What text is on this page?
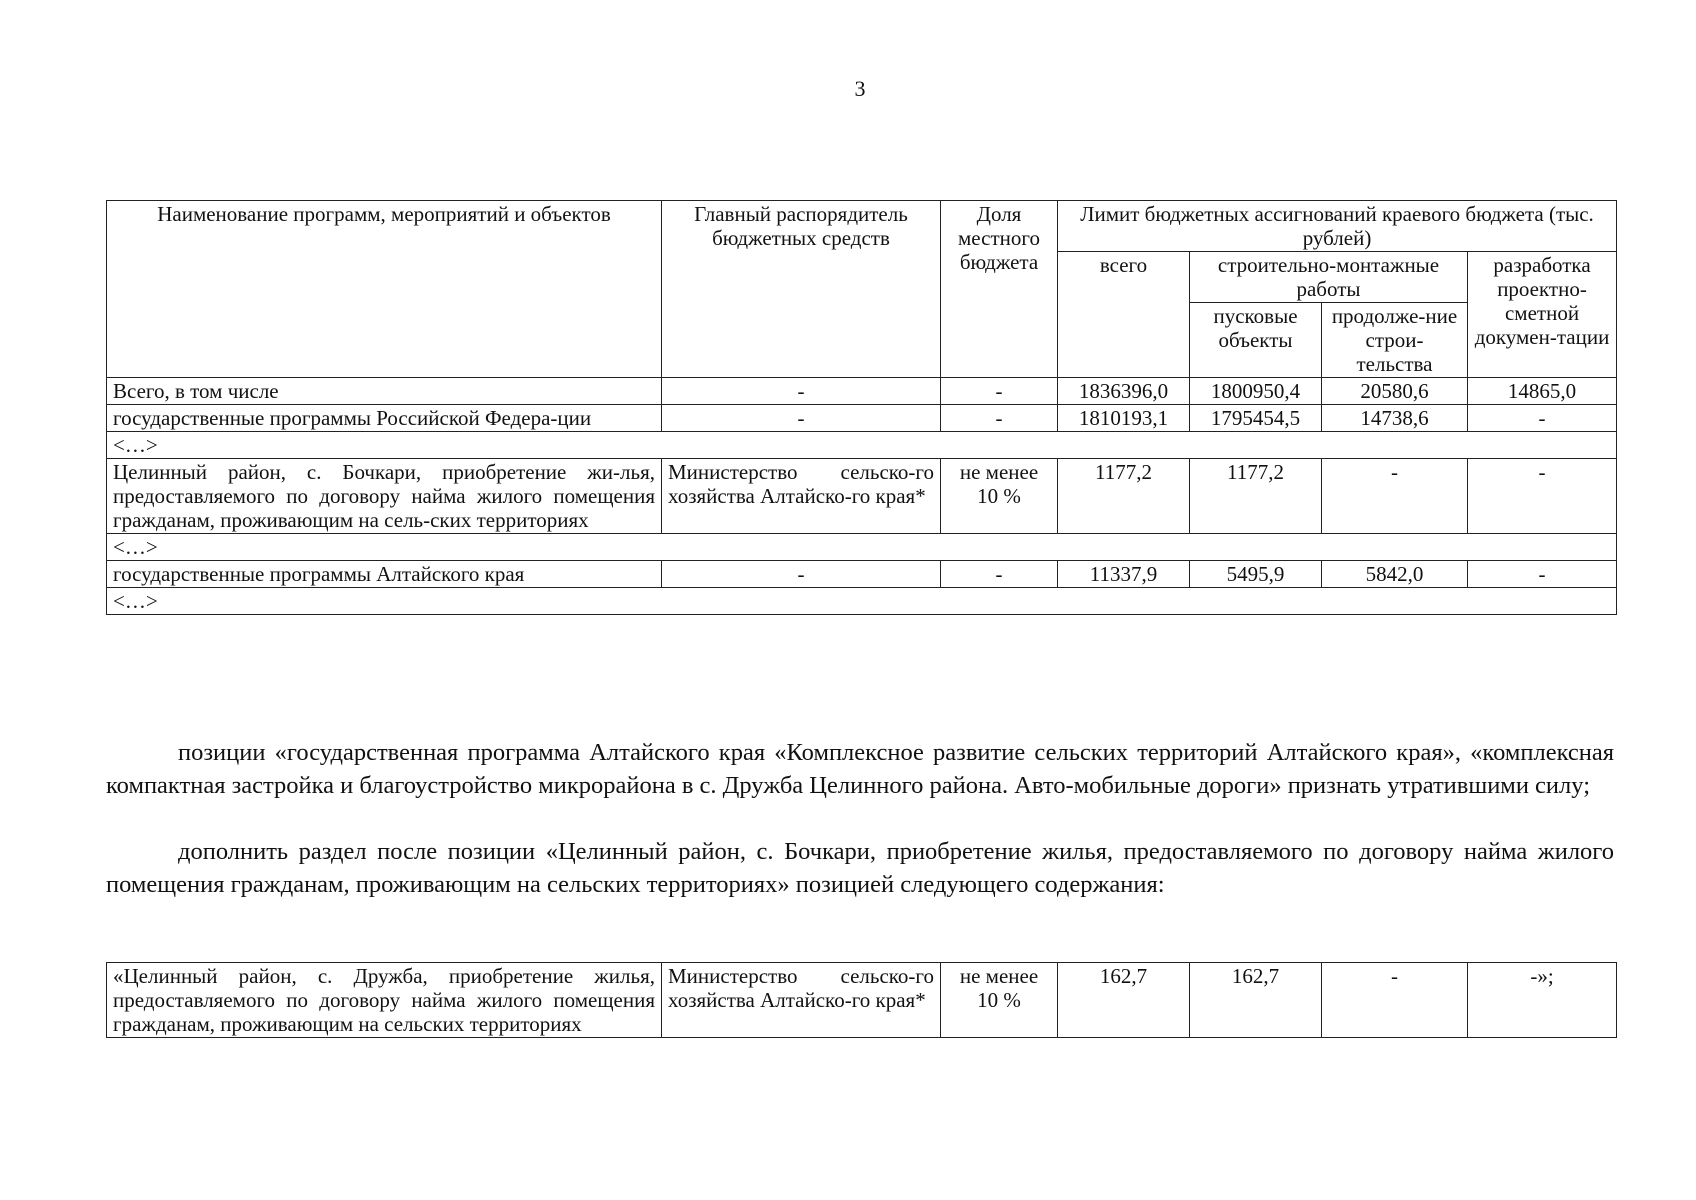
3
Наименование программ, мероприятий и объектов	Главный распорядитель бюджетных средств	Доля местного бюджета	Лимит бюджетных ассигнований краевого бюджета (тыс. рублей)			
			всего	строительно-монтажные работы		разработка проектно-сметной докумен-тации
				пусковые объекты	продолже-ние строи-тельства	
Всего, в том числе	-	-	1836396,0	1800950,4	20580,6	14865,0
государственные программы Российской Федера-ции	-	-	1810193,1	1795454,5	14738,6	-
<…>						
Целинный район, с. Бочкари, приобретение жи-лья, предоставляемого по договору найма жилого помещения гражданам, проживающим на сель-ских территориях	Министерство сельско-го хозяйства Алтайско-го края*	не менее 10 %	1177,2	1177,2	-	-
<…>						
государственные программы Алтайского края	-	-	11337,9	5495,9	5842,0	-
<…>						

позиции «государственная программа Алтайского края «Комплексное развитие сельских территорий Алтайского края», «комплексная компактная застройка и благоустройство микрорайона в с. Дружба Целинного района. Авто-мобильные дороги» признать утратившими силу;

дополнить раздел после позиции «Целинный район, с. Бочкари, приобретение жилья, предоставляемого по договору найма жилого помещения гражданам, проживающим на сельских территориях» позицией следующего содержания:

«Целинный район, с. Дружба, приобретение жилья, предоставляемого по договору найма жилого помещения гражданам, проживающим на сельских территориях	Министерство сельско-го хозяйства Алтайско-го края*	не менее 10 %	162,7	162,7	-	-»;
